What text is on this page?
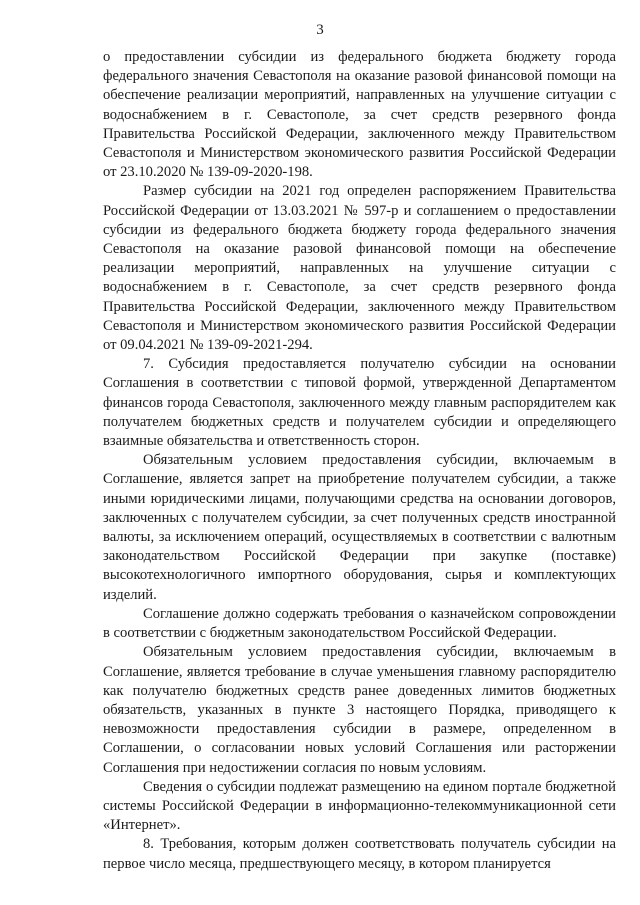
3

о предоставлении субсидии из федерального бюджета бюджету города федерального значения Севастополя на оказание разовой финансовой помощи на обеспечение реализации мероприятий, направленных на улучшение ситуации с водоснабжением в г. Севастополе, за счет средств резервного фонда Правительства Российской Федерации, заключенного между Правительством Севастополя и Министерством экономического развития Российской Федерации от 23.10.2020 № 139-09-2020-198.

Размер субсидии на 2021 год определен распоряжением Правительства Российской Федерации от 13.03.2021 № 597-р и соглашением о предоставлении субсидии из федерального бюджета бюджету города федерального значения Севастополя на оказание разовой финансовой помощи на обеспечение реализации мероприятий, направленных на улучшение ситуации с водоснабжением в г. Севастополе, за счет средств резервного фонда Правительства Российской Федерации, заключенного между Правительством Севастополя и Министерством экономического развития Российской Федерации от 09.04.2021 № 139-09-2021-294.

7. Субсидия предоставляется получателю субсидии на основании Соглашения в соответствии с типовой формой, утвержденной Департаментом финансов города Севастополя, заключенного между главным распорядителем как получателем бюджетных средств и получателем субсидии и определяющего взаимные обязательства и ответственность сторон.

Обязательным условием предоставления субсидии, включаемым в Соглашение, является запрет на приобретение получателем субсидии, а также иными юридическими лицами, получающими средства на основании договоров, заключенных с получателем субсидии, за счет полученных средств иностранной валюты, за исключением операций, осуществляемых в соответствии с валютным законодательством Российской Федерации при закупке (поставке) высокотехнологичного импортного оборудования, сырья и комплектующих изделий.

Соглашение должно содержать требования о казначейском сопровождении в соответствии с бюджетным законодательством Российской Федерации.

Обязательным условием предоставления субсидии, включаемым в Соглашение, является требование в случае уменьшения главному распорядителю как получателю бюджетных средств ранее доведенных лимитов бюджетных обязательств, указанных в пункте 3 настоящего Порядка, приводящего к невозможности предоставления субсидии в размере, определенном в Соглашении, о согласовании новых условий Соглашения или расторжении Соглашения при недостижении согласия по новым условиям.

Сведения о субсидии подлежат размещению на едином портале бюджетной системы Российской Федерации в информационно-телекоммуникационной сети «Интернет».

8. Требования, которым должен соответствовать получатель субсидии на первое число месяца, предшествующего месяцу, в котором планируется
